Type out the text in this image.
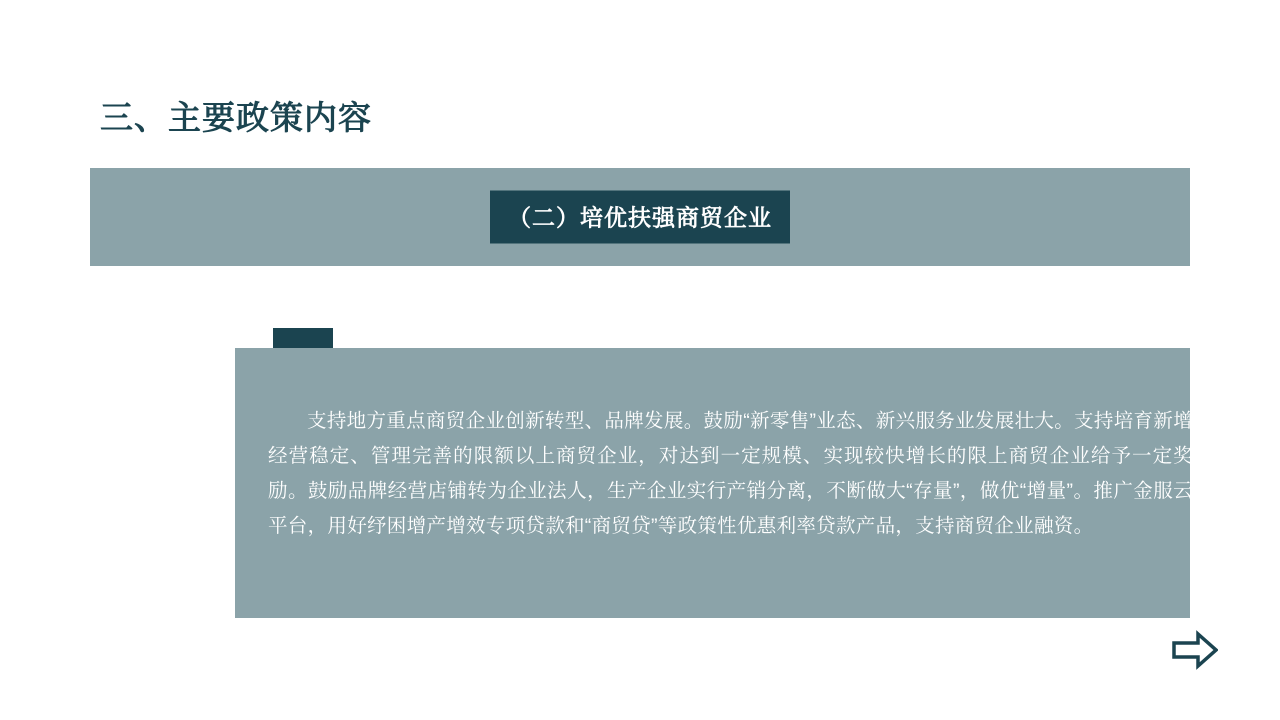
三、主要政策内容
（二）培优扶强商贸企业
支持地方重点商贸企业创新转型、品牌发展。鼓励“新零售”业态、新兴服务业发展壮大。支持培育新增经营稳定、管理完善的限额以上商贸企业，对达到一定规模、实现较快增长的限上商贸企业给予一定奖励。鼓励品牌经营店铺转为企业法人，生产企业实行产销分离，不断做大“存量”，做优“增量”。推广金服云平台，用好纾困增产增效专项贷款和“商贸贷”等政策性优惠利率贷款产品，支持商贸企业融资。
